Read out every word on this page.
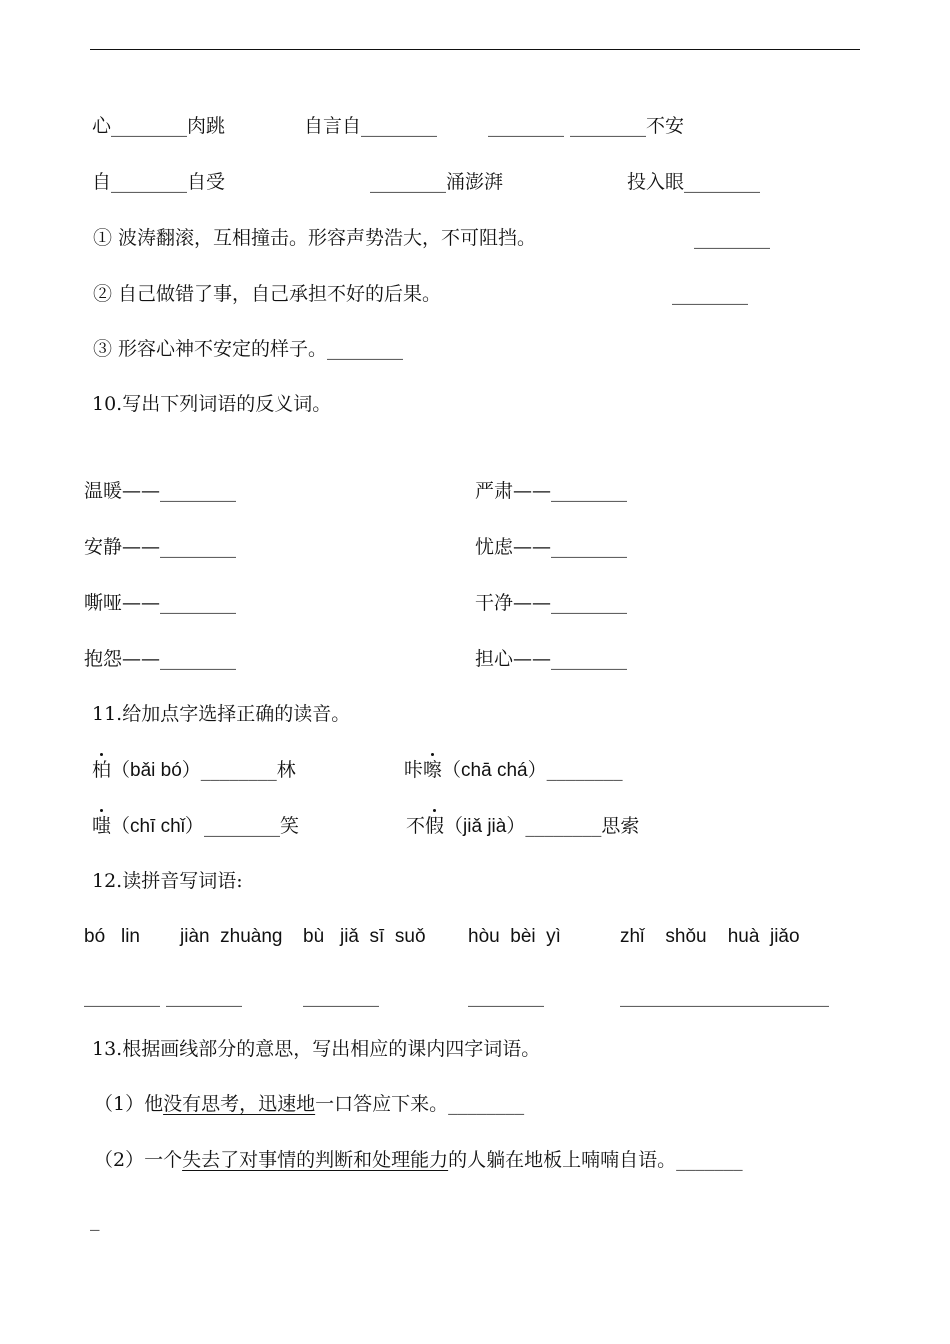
心________肉跳	自言自________	________ ________不安
自________自受	________涌澎湃	投入眼________
① 波涛翻滚，互相撞击。形容声势浩大，不可阻挡。	________
② 自己做错了事，自己承担不好的后果。	________
③ 形容心神不安定的样子。________
10.写出下列词语的反义词。
温暖——________	严肃——________
安静——________	忧虑——________
嘶哑——________	干净——________
抱怨——________	担心——________
11.给加点字选择正确的读音。
柏（bǎi bó）________林	咔嚓（chā chá）________
嗤（chī chǐ）________笑	不假（jiǎ jià）________思索
12.读拼音写词语:
bó   lin jiàn  zhuàng bù   jiǎ  sī  suǒ hòu  bèi  yì	zhǐ    shǒu    huà  jiǎo
________ ________	________	________	______________________
13.根据画线部分的意思，写出相应的课内四字词语。
（1）他没有思考，迅速地一口答应下来。________
（2）一个失去了对事情的判断和处理能力的人躺在地板上喃喃自语。_______
_
